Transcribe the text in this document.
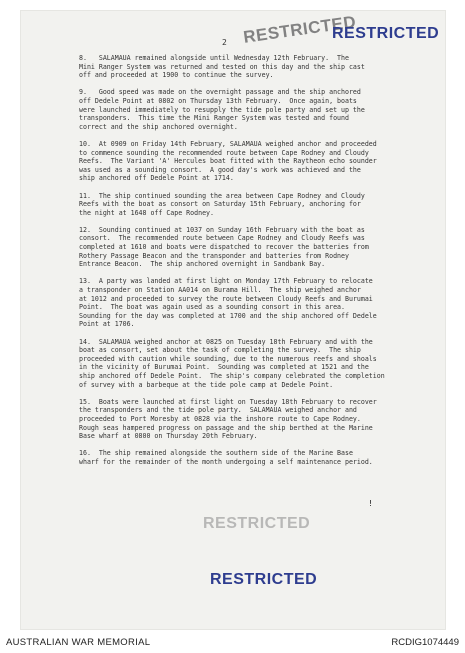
RESTRICTED
RESTRICTED
2

8.   SALAMAUA remained alongside until Wednesday 12th February.  The
Mini Ranger System was returned and tested on this day and the ship cast
off and proceeded at 1900 to continue the survey.

9.   Good speed was made on the overnight passage and the ship anchored
off Dedele Point at 0802 on Thursday 13th February.  Once again, boats
were launched immediately to resupply the tide pole party and set up the
transponders.  This time the Mini Ranger System was tested and found
correct and the ship anchored overnight.

10.  At 0909 on Friday 14th February, SALAMAUA weighed anchor and proceeded
to commence sounding the recommended route between Cape Rodney and Cloudy
Reefs.  The Variant 'A' Hercules boat fitted with the Raytheon echo sounder
was used as a sounding consort.  A good day's work was achieved and the
ship anchored off Dedele Point at 1714.

11.  The ship continued sounding the area between Cape Rodney and Cloudy
Reefs with the boat as consort on Saturday 15th February, anchoring for
the night at 1648 off Cape Rodney.

12.  Sounding continued at 1037 on Sunday 16th February with the boat as
consort.  The recommended route between Cape Rodney and Cloudy Reefs was
completed at 1610 and boats were dispatched to recover the batteries from
Rothery Passage Beacon and the transponder and batteries from Rodney
Entrance Beacon.  The ship anchored overnight in Sandbank Bay.

13.  A party was landed at first light on Monday 17th February to relocate
a transponder on Station AA014 on Burama Hill.  The ship weighed anchor
at 1012 and proceeded to survey the route between Cloudy Reefs and Burumai
Point.  The boat was again used as a sounding consort in this area.
Sounding for the day was completed at 1700 and the ship anchored off Dedele
Point at 1706.

14.  SALAMAUA weighed anchor at 0825 on Tuesday 18th February and with the
boat as consort, set about the task of completing the survey.  The ship
proceeded with caution while sounding, due to the numerous reefs and shoals
in the vicinity of Burumai Point.  Sounding was completed at 1521 and the
ship anchored off Dedele Point.  The ship's company celebrated the completion
of survey with a barbeque at the tide pole camp at Dedele Point.

15.  Boats were launched at first light on Tuesday 18th February to recover
the transponders and the tide pole party.  SALAMAUA weighed anchor and
proceeded to Port Moresby at 0828 via the inshore route to Cape Rodney.
Rough seas hampered progress on passage and the ship berthed at the Marine
Base wharf at 0800 on Thursday 20th February.

16.  The ship remained alongside the southern side of the Marine Base
wharf for the remainder of the month undergoing a self maintenance period.

!
RESTRICTED
RESTRICTED
AUSTRALIAN WAR MEMORIAL	RCDIG1074449
